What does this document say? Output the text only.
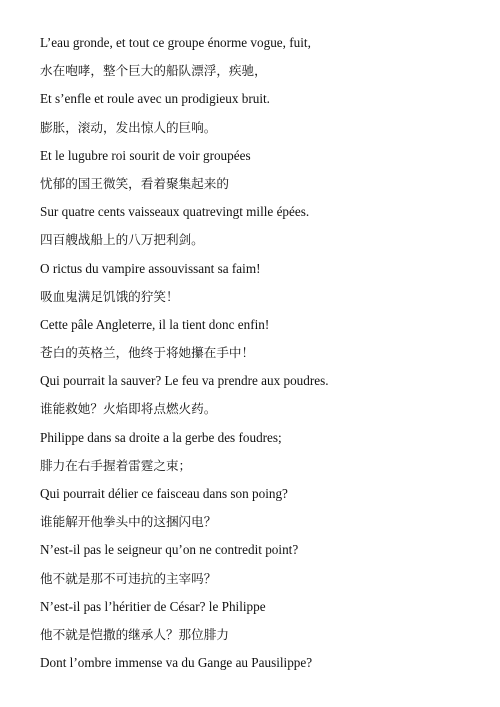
L’eau gronde, et tout ce groupe énorme vogue, fuit,
水在咆哮，整个巨大的船队漂浮，疾驰，
Et s’enfle et roule avec un prodigieux bruit.
膨胀，滚动，发出惊人的巨响。
Et le lugubre roi sourit de voir groupées
忧郁的国王微笑，看着聚集起来的
Sur quatre cents vaisseaux quatrevingt mille épées.
四百艘战船上的八万把利剑。
O rictus du vampire assouvissant sa faim!
吸血鬼满足饥饿的狞笑！
Cette pâle Angleterre, il la tient donc enfin!
苍白的英格兰，他终于将她攥在手中！
Qui pourrait la sauver? Le feu va prendre aux poudres.
谁能救她？火焰即将点燃火药。
Philippe dans sa droite a la gerbe des foudres;
腓力在右手握着雷霆之束；
Qui pourrait délier ce faisceau dans son poing?
谁能解开他拳头中的这捆闪电？
N’est-il pas le seigneur qu’on ne contredit point?
他不就是那不可违抗的主宰吗？
N’est-il pas l’héritier de César? le Philippe
他不就是恺撒的继承人？那位腓力
Dont l’ombre immense va du Gange au Pausilippe?
